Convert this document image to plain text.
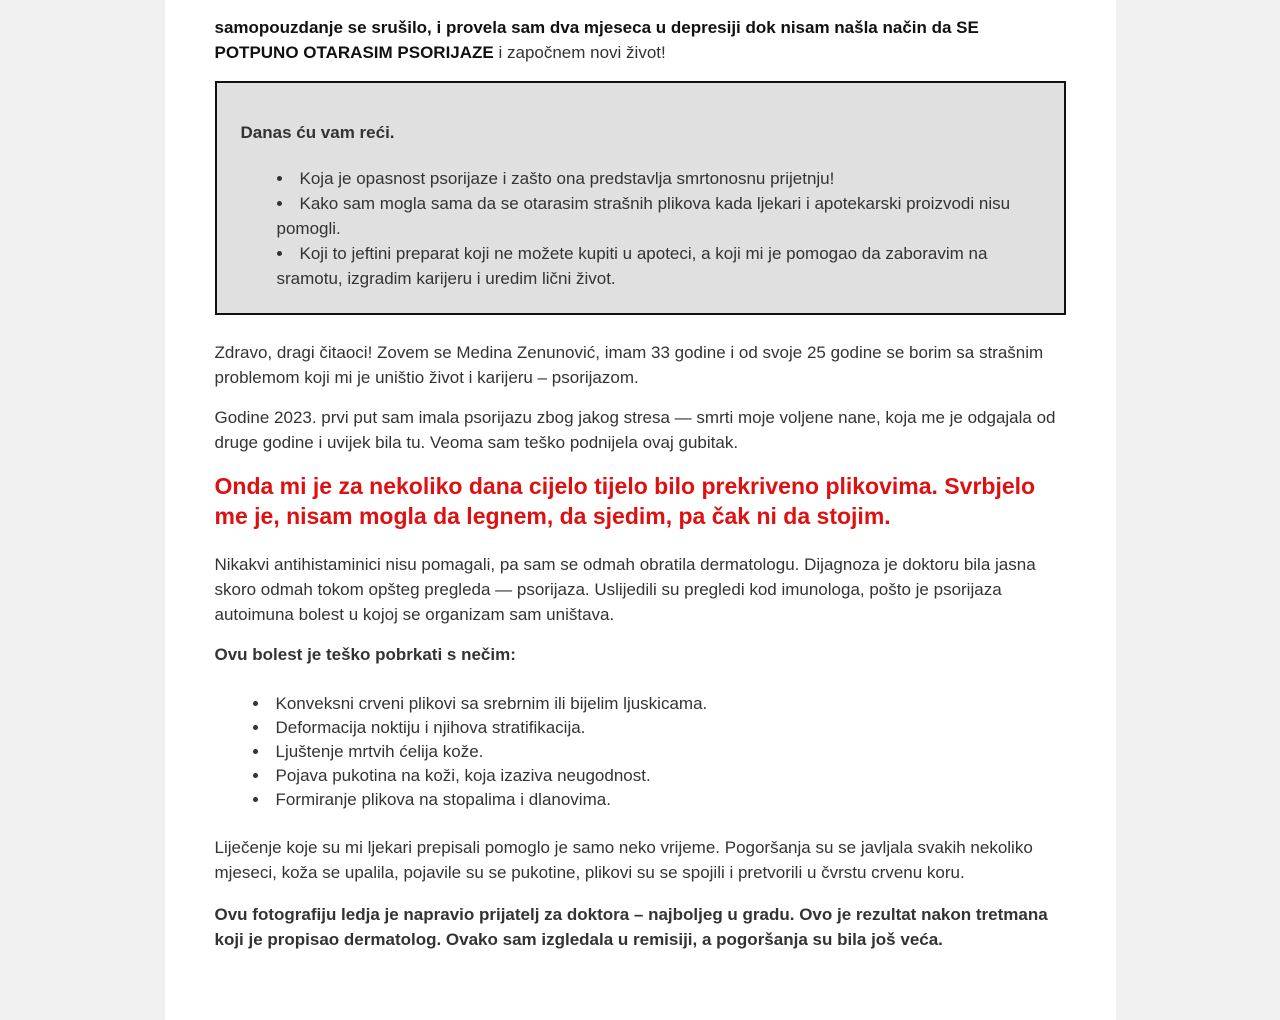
samopouzdanje se srušilo, i provela sam dva mjeseca u depresiji dok nisam našla način da SE POTPUNO OTARASIM PSORIJAZE i započnem novi život!

Danas ću vam reći.

• Koja je opasnost psorijaze i zašto ona predstavlja smrtonosnu prijetnju!
• Kako sam mogla sama da se otarasim strašnih plikova kada ljekari i apotekarski proizvodi nisu pomogli.
• Koji to jeftini preparat koji ne možete kupiti u apoteci, a koji mi je pomogao da zaboravim na sramotu, izgradim karijeru i uredim lični život.

Zdravo, dragi čitaoci! Zovem se Medina Zenunović, imam 33 godine i od svoje 25 godine se borim sa strašnim problemom koji mi je uništio život i karijeru – psorijazom.

Godine 2023. prvi put sam imala psorijazu zbog jakog stresa — smrti moje voljene nane, koja me je odgajala od druge godine i uvijek bila tu. Veoma sam teško podnijela ovaj gubitak.

Onda mi je za nekoliko dana cijelo tijelo bilo prekriveno plikovima. Svrbjelo me je, nisam mogla da legnem, da sjedim, pa čak ni da stojim.

Nikakvi antihistaminici nisu pomagali, pa sam se odmah obratila dermatologu. Dijagnoza je doktoru bila jasna skoro odmah tokom opšteg pregleda — psorijaza. Uslijedili su pregledi kod imunologa, pošto je psorijaza autoimuna bolest u kojoj se organizam sam uništava.

Ovu bolest je teško pobrkati s nečim:

• Konveksni crveni plikovi sa srebrnim ili bijelim ljuskicama.
• Deformacija noktiju i njihova stratifikacija.
• Ljuštenje mrtvih ćelija kože.
• Pojava pukotina na koži, koja izaziva neugodnost.
• Formiranje plikova na stopalima i dlanovima.

Liječenje koje su mi ljekari prepisali pomoglo je samo neko vrijeme. Pogoršanja su se javljala svakih nekoliko mjeseci, koža se upalila, pojavile su se pukotine, plikovi su se spojili i pretvorili u čvrstu crvenu koru.

Ovu fotografiju ledja je napravio prijatelj za doktora – najboljeg u gradu. Ovo je rezultat nakon tretmana koji je propisao dermatolog. Ovako sam izgledala u remisiji, a pogoršanja su bila još veća.
